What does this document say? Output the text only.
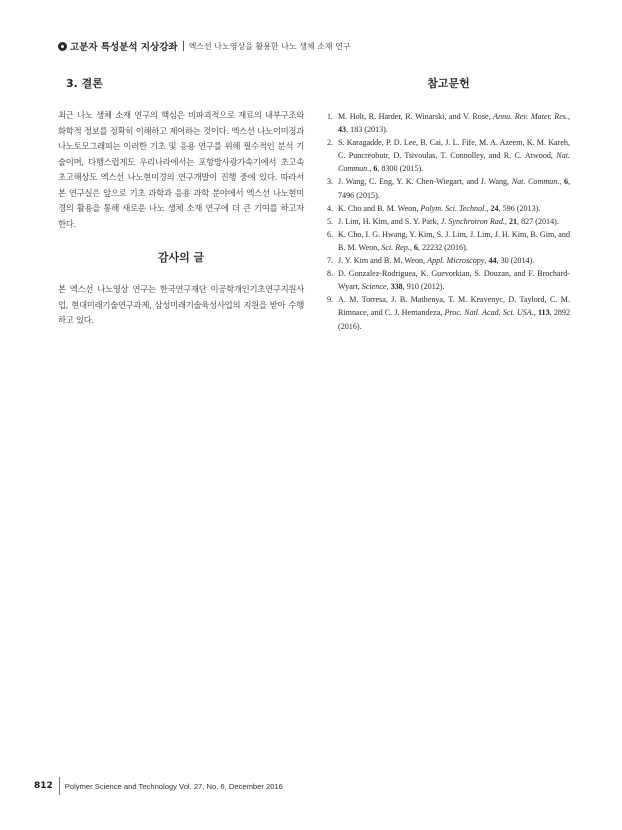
고분자 특성분석 지상강좌 엑스선 나노영상을 활용한 나노 생체 소재 연구
3. 결론

최근 나노 생체 소재 연구의 핵심은 비파괴적으로 재료의 내부구조와 화학적 정보를 정확히 이해하고 제어하는 것이다. 엑스선 나노이미징과 나노토모그래피는 이러한 기초 및 응용 연구를 위해 필수적인 분석 기술이며, 다행스럽게도 우리나라에서는 포항방사광가속기에서 초고속 초고해상도 엑스선 나노현미경의 연구개발이 진행 중에 있다. 따라서 본 연구실은 앞으로 기초 과학과 응용 과학 분야에서 엑스선 나노현미경의 활용을 통해 새로운 나노 생체 소재 연구에 더 큰 기여를 하고자 한다.

감사의 글

본 엑스선 나노영상 연구는 한국연구재단 이공학개인기초연구지원사업, 현대미래기술연구과제, 삼성미래기술육성사업의 지원을 받아 수행하고 있다.

참고문헌
1. M. Holt, R. Harder, R. Winarski, and V. Rose, Annu. Rev. Mater. Res., 43, 183 (2013).
2. S. Karagadde, P. D. Lee, B. Cai, J. L. Fife, M. A. Azeem, K. M. Kareh, C. Puncreobutr, D. Tsivoulas, T. Connolley, and R. C. Atwood, Nat. Commun., 6, 8300 (2015).
3. J. Wang, C. Eng, Y. K. Chen-Wiegart, and J. Wang, Nat. Commun., 6, 7496 (2015).
4. K. Cho and B. M. Weon, Polym. Sci. Technol., 24, 596 (2013).
5. J. Lim, H. Kim, and S. Y. Park, J. Synchrotron Rad., 21, 827 (2014).
6. K. Cho, I. G. Hwang, Y. Kim, S. J. Lim, J. Lim, J. H. Kim, B. Gim, and B. M. Weon, Sci. Rep., 6, 22232 (2016).
7. J. Y. Kim and B. M. Weon, Appl. Microscopy, 44, 30 (2014).
8. D. Gonzalez-Rodriguea, K. Guevorkian, S. Douzan, and F. Brochard-Wyart, Science, 338, 910 (2012).
9. A. M. Torresa, J. B. Mathenya, T. M. Keavenyc, D. Taylord, C. M. Rimnace, and C. J. Hernandeza, Proc. Natl. Acad. Sci. USA., 113, 2892 (2016).
812 Polymer Science and Technology Vol. 27, No. 6, December 2016
